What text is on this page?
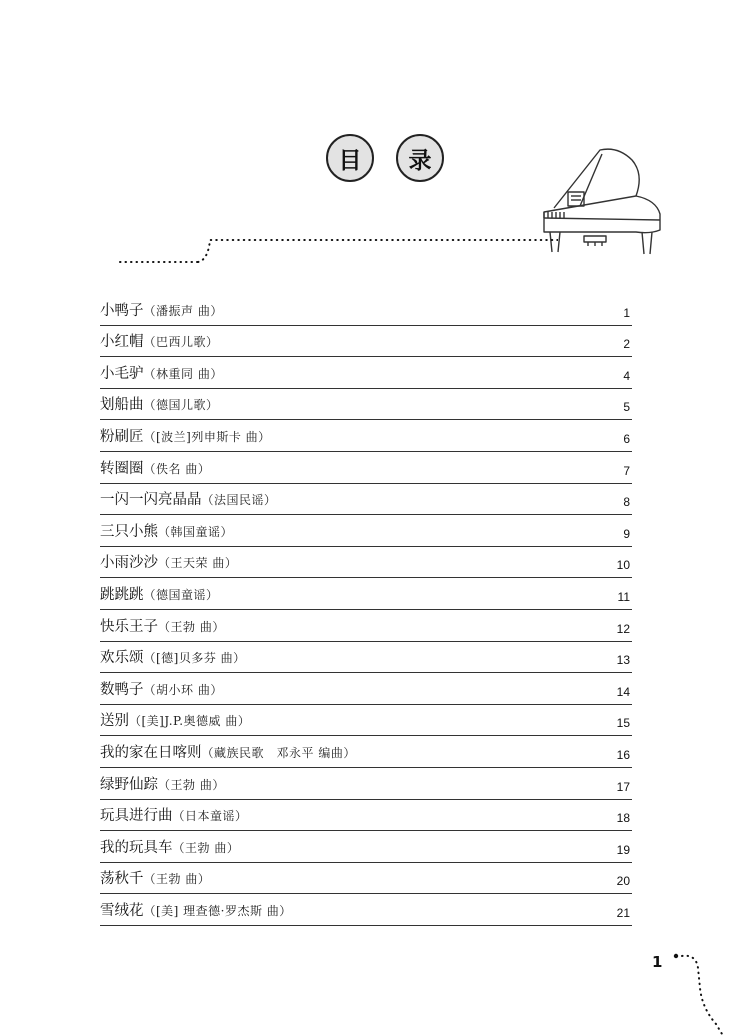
目	录
小鸭子 （潘振声 曲）	1
小红帽 （巴西儿歌）	2
小毛驴 （林重同 曲）	4
划船曲 （德国儿歌）	5
粉刷匠 （[波兰]列申斯卡 曲）	6
转圈圈 （佚名 曲）	7
一闪一闪亮晶晶 （法国民谣）	8
三只小熊 （韩国童谣）	9
小雨沙沙 （王天荣 曲）	10
跳跳跳 （德国童谣）	11
快乐王子 （王勃 曲）	12
欢乐颂 （[德]贝多芬 曲）	13
数鸭子 （胡小环 曲）	14
送别 （[美]J.P.奥德威 曲）	15
我的家在日喀则 （藏族民歌　邓永平 编曲）	16
绿野仙踪 （王勃 曲）	17
玩具进行曲 （日本童谣）	18
我的玩具车 （王勃 曲）	19
荡秋千 （王勃 曲）	20
雪绒花 （[美] 理查德·罗杰斯 曲）	21
1
